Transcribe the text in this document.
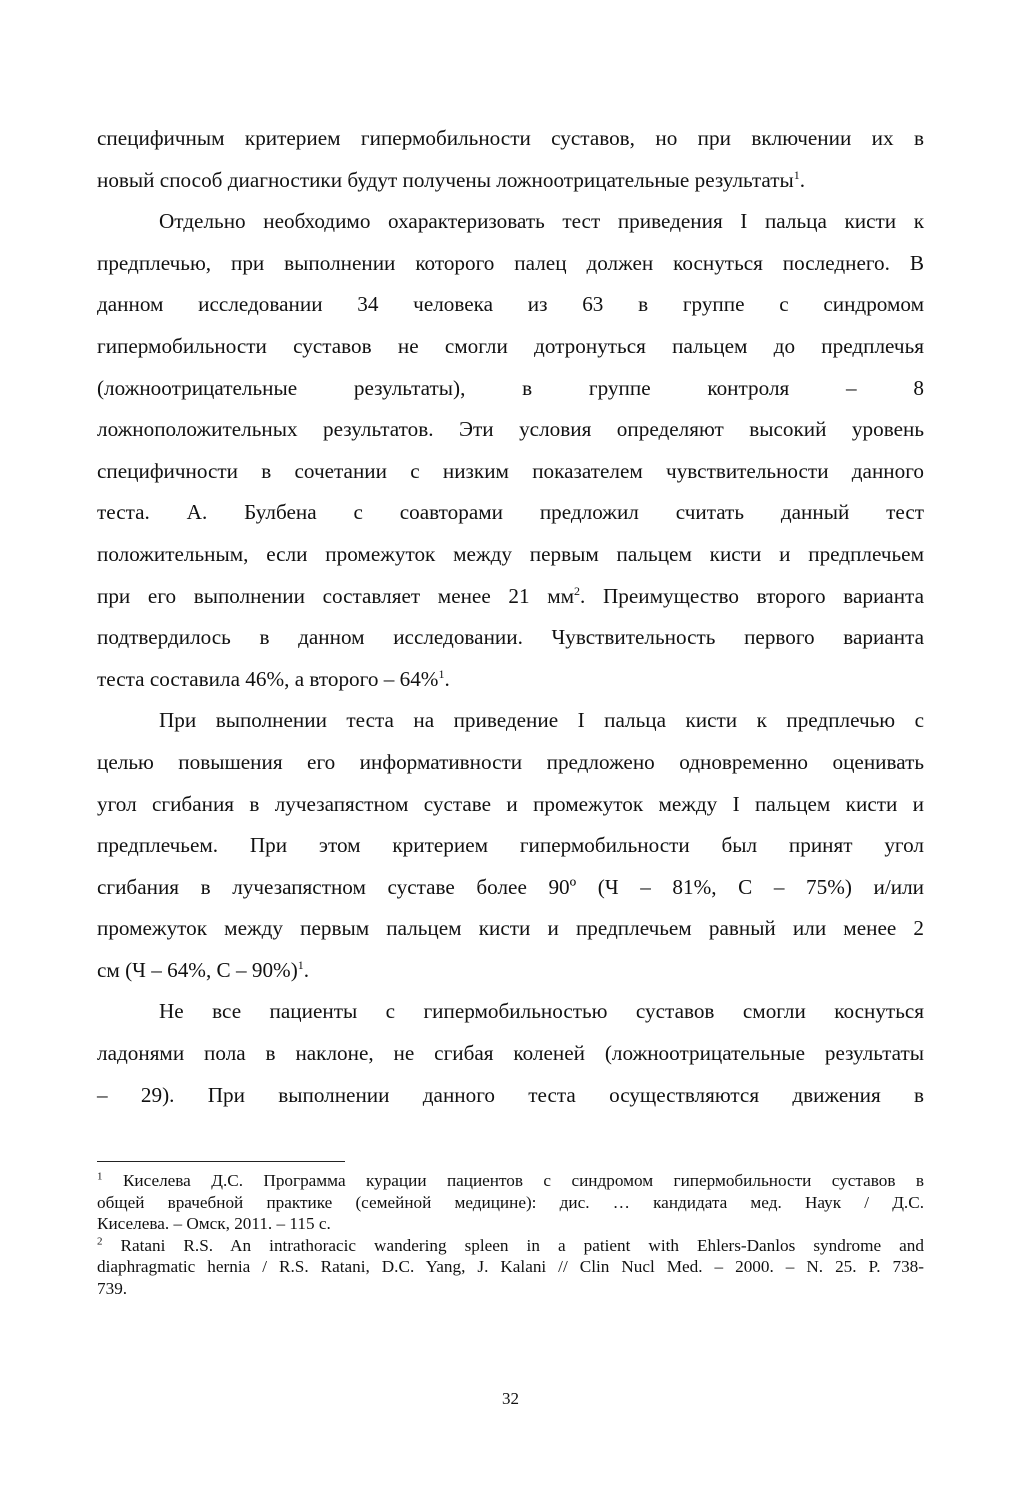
специфичным критерием гипермобильности суставов, но при включении их в

новый способ диагностики будут получены ложноотрицательные результаты$^1$.

Отдельно необходимо охарактеризовать тест приведения I пальца кисти к

предплечью, при выполнении которого палец должен коснуться последнего. В

данном исследовании 34 человека из 63 в группе с синдромом

гипермобильности суставов не смогли дотронуться пальцем до предплечья

(ложноотрицательные результаты), в группе контроля – 8

ложноположительных результатов. Эти условия определяют высокий уровень

специфичности в сочетании с низким показателем чувствительности данного

теста. А. Булбена с соавторами предложил считать данный тест

положительным, если промежуток между первым пальцем кисти и предплечьем

при его выполнении составляет менее 21 $мм^2$. Преимущество второго варианта

подтвердилось в данном исследовании. Чувствительность первого варианта

теста составила 46%, а второго – 64%$^1$.

При выполнении теста на приведение I пальца кисти к предплечью с

целью повышения его информативности предложено одновременно оценивать

угол сгибания в лучезапястном суставе и промежуток между I пальцем кисти и

предплечьем. При этом критерием гипермобильности был принят угол

сгибания в лучезапястном суставе более 90º (Ч – 81%, С – 75%) и/или

промежуток между первым пальцем кисти и предплечьем равный или менее 2

см (Ч – 64%, С – 90%)$^1$.

Не все пациенты с гипермобильностью суставов смогли коснуться

ладонями пола в наклоне, не сгибая коленей (ложноотрицательные результаты

– 29). При выполнении данного теста осуществляются движения в

$^1$ Киселева Д.С. Программа курации пациентов с синдромом гипермобильности суставов в

общей врачебной практике (семейной медицине): дис. … кандидата мед. Наук / Д.С.

Киселева. – Омск, 2011. – 115 с.

$^2$ Ratani R.S. An intrathoracic wandering spleen in a patient with Ehlers-Danlos syndrome and

diaphragmatic hernia / R.S. Ratani, D.C. Yang, J. Kalani // Clin Nucl Med. – 2000. – N. 25. P. 738-

739.

32
